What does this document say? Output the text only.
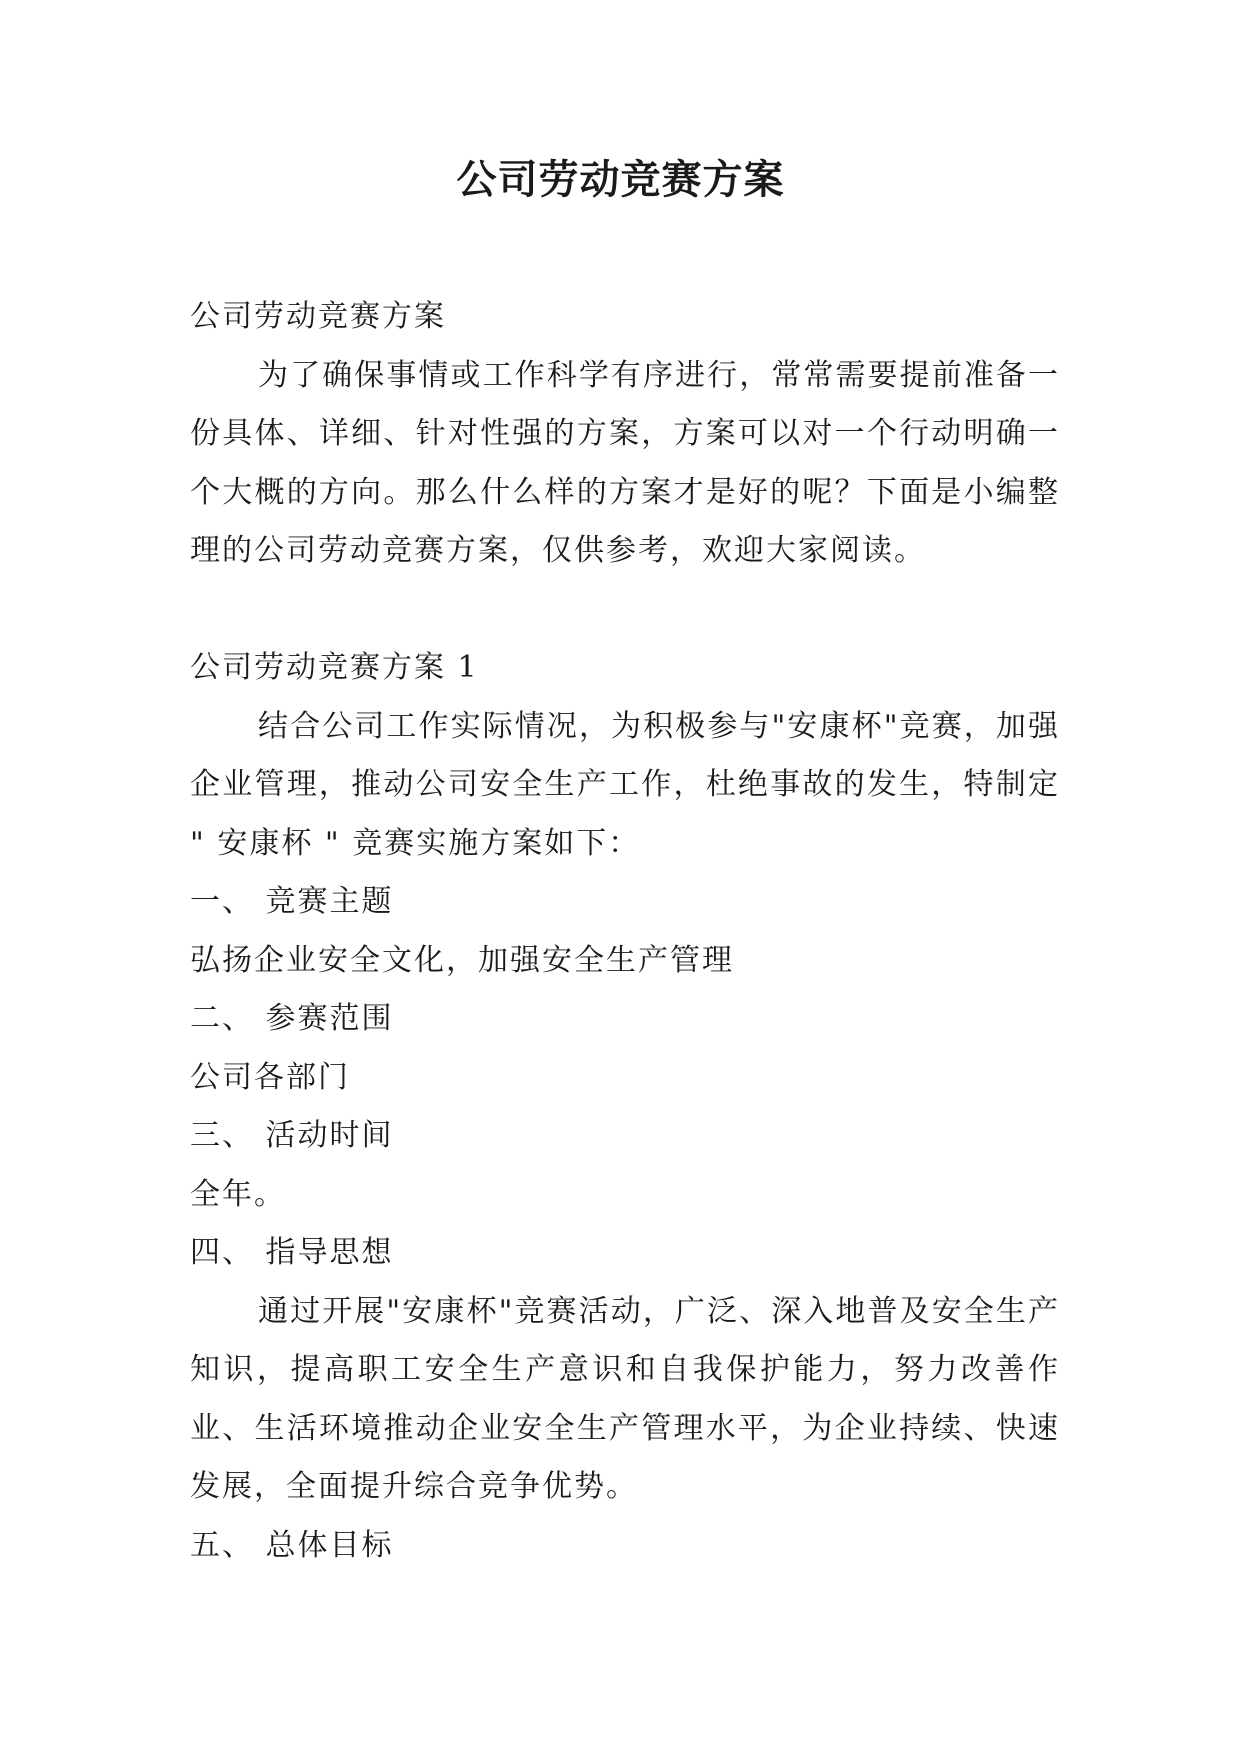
公司劳动竞赛方案

公司劳动竞赛方案

为了确保事情或工作科学有序进行，常常需要提前准备一份具体、详细、针对性强的方案，方案可以对一个行动明确一个大概的方向。那么什么样的方案才是好的呢？下面是小编整理的公司劳动竞赛方案，仅供参考，欢迎大家阅读。

公司劳动竞赛方案 1

结合公司工作实际情况，为积极参与"安康杯"竞赛，加强企业管理，推动公司安全生产工作，杜绝事故的发生，特制定 " 安康杯 " 竞赛实施方案如下：

一、 竞赛主题

弘扬企业安全文化，加强安全生产管理

二、 参赛范围

公司各部门

三、 活动时间

全年。

四、 指导思想

通过开展"安康杯"竞赛活动，广泛、深入地普及安全生产知识，提高职工安全生产意识和自我保护能力，努力改善作业、生活环境推动企业安全生产管理水平，为企业持续、快速发展，全面提升综合竞争优势。

五、 总体目标
